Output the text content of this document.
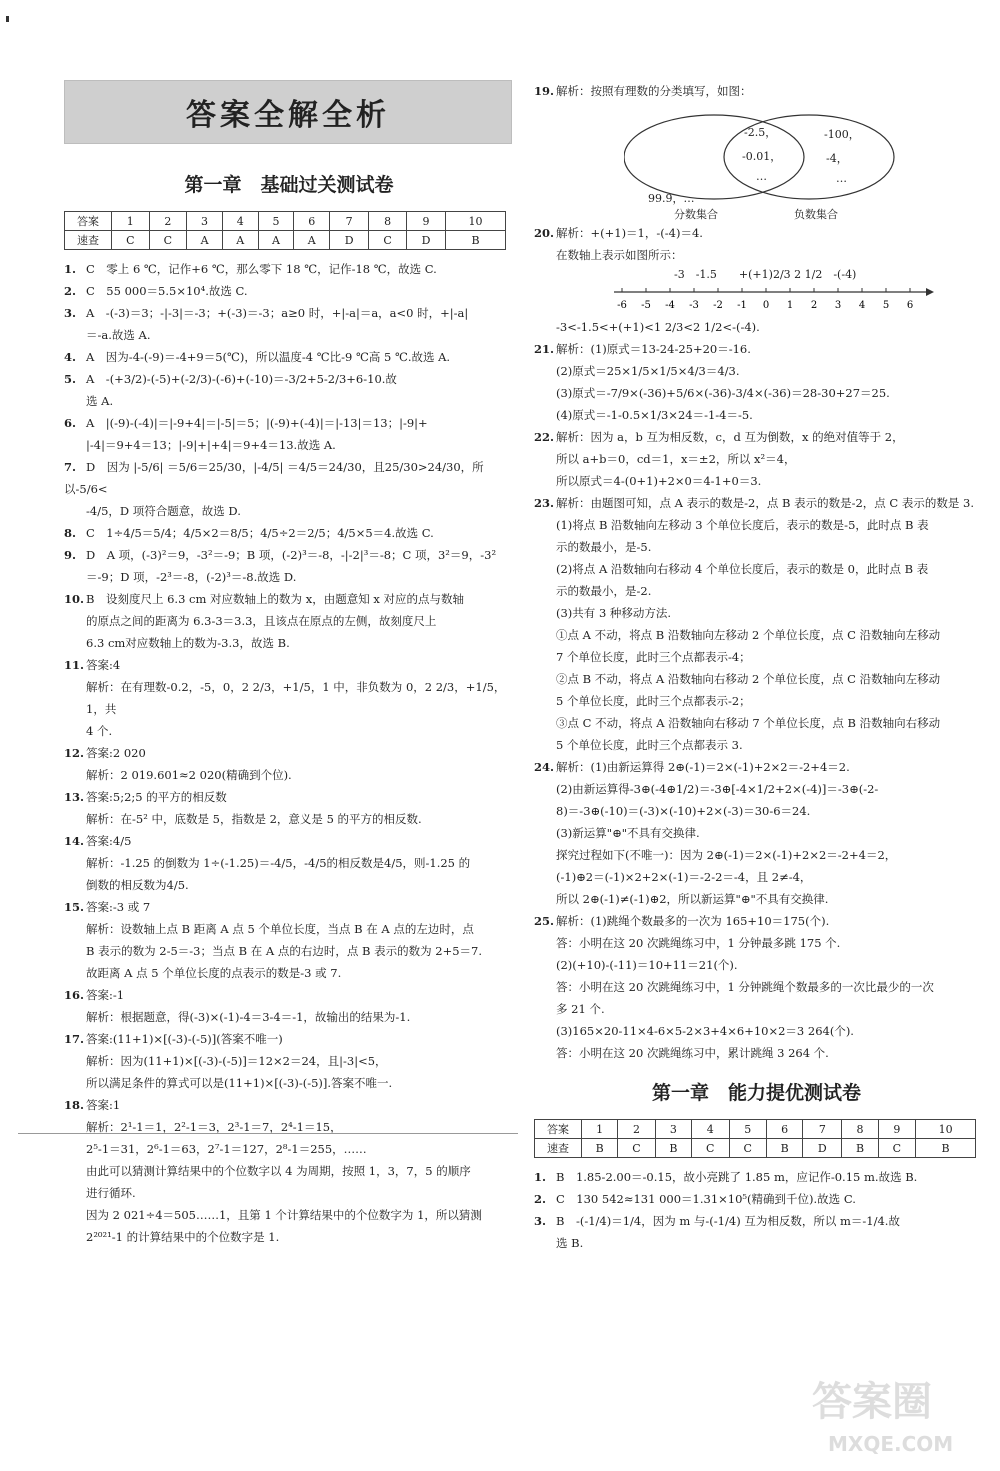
答案全解全析
第一章　基础过关测试卷
答案	1	2	3	4	5	6	7	8	9	10
速查	C	C	A	A	A	A	D	C	D	B

1. C　零上 6 ℃，记作+6 ℃，那么零下 18 ℃，记作-18 ℃，故选 C.

2. C　55 000＝5.5×10⁴.故选 C.

3. A　-(-3)＝3；-|-3|＝-3；+(-3)＝-3；a≥0 时，+|-a|＝a，a<0 时，+|-a|

＝-a.故选 A.

4. A　因为-4-(-9)＝-4+9＝5(℃)，所以温度-4 ℃比-9 ℃高 5 ℃.故选 A.

5. A　-(+3/2)-(-5)+(-2/3)-(-6)+(-10)＝-3/2+5-2/3+6-10.故

选 A.

6. A　|(-9)-(-4)|＝|-9+4|＝|-5|＝5；|(-9)+(-4)|＝|-13|＝13；|-9|+

|-4|＝9+4＝13；|-9|+|+4|＝9+4＝13.故选 A.

7. D　因为 |-5/6| ＝5/6＝25/30，|-4/5| ＝4/5＝24/30，且25/30>24/30，所以-5/6<

-4/5，D 项符合题意，故选 D.

8. C　1÷4/5＝5/4；4/5×2＝8/5；4/5÷2＝2/5；4/5×5＝4.故选 C.

9. D　A 项，(-3)²＝9，-3²＝-9；B 项，(-2)³＝-8，-|-2|³＝-8；C 项，3²＝9，-3²

＝-9；D 项，-2³＝-8，(-2)³＝-8.故选 D.

10. B　设刻度尺上 6.3 cm 对应数轴上的数为 x，由题意知 x 对应的点与数轴

的原点之间的距离为 6.3-3＝3.3，且该点在原点的左侧，故刻度尺上

6.3 cm对应数轴上的数为-3.3，故选 B.

11. 答案:4

解析：在有理数-0.2，-5，0，2 2/3，+1/5，1 中，非负数为 0，2 2/3，+1/5，1，共

4 个.

12. 答案:2 020

解析：2 019.601≈2 020(精确到个位).

13. 答案:5;2;5 的平方的相反数

解析：在-5² 中，底数是 5，指数是 2，意义是 5 的平方的相反数.

14. 答案:4/5

解析：-1.25 的倒数为 1÷(-1.25)＝-4/5，-4/5的相反数是4/5，则-1.25 的

倒数的相反数为4/5.

15. 答案:-3 或 7

解析：设数轴上点 B 距离 A 点 5 个单位长度，当点 B 在 A 点的左边时，点

B 表示的数为 2-5＝-3；当点 B 在 A 点的右边时，点 B 表示的数为 2+5＝7.

故距离 A 点 5 个单位长度的点表示的数是-3 或 7.

16. 答案:-1

解析：根据题意，得(-3)×(-1)-4＝3-4＝-1，故输出的结果为-1.

17. 答案:(11+1)×[(-3)-(-5)](答案不唯一)

解析：因为(11+1)×[(-3)-(-5)]＝12×2＝24，且|-3|<5，

所以满足条件的算式可以是(11+1)×[(-3)-(-5)].答案不唯一.

18. 答案:1

解析：2¹-1＝1，2²-1＝3，2³-1＝7，2⁴-1＝15，

2⁵-1＝31，2⁶-1＝63，2⁷-1＝127，2⁸-1＝255，……

由此可以猜测计算结果中的个位数字以 4 为周期，按照 1，3，7，5 的顺序

进行循环.

因为 2 021÷4＝505……1，且第 1 个计算结果中的个位数字为 1，所以猜测

2²⁰²¹-1 的计算结果中的个位数字是 1.

19. 解析：按照有理数的分类填写，如图：

99.9，…
-2.5，
-0.01，
…
-100，
-4，
…
分数集合	负数集合

20. 解析：+(+1)＝1，-(-4)＝4.

在数轴上表示如图所示：

-3　-1.5　　+(+1)2/3 2 1/2　-(-4)
-6 -5 -4 -3 -2 -1 0 1 2 3 4 5 6

-3<-1.5<+(+1)<1 2/3<2 1/2<-(-4).

21. 解析：(1)原式＝13-24-25+20＝-16.

(2)原式＝25×1/5×1/5×4/3＝4/3.

(3)原式＝-7/9×(-36)+5/6×(-36)-3/4×(-36)＝28-30+27＝25.

(4)原式＝-1-0.5×1/3×24＝-1-4＝-5.

22. 解析：因为 a，b 互为相反数，c，d 互为倒数，x 的绝对值等于 2，

所以 a+b＝0，cd＝1，x＝±2，所以 x²＝4，

所以原式＝4-(0+1)+2×0＝4-1+0＝3.

23. 解析：由题图可知，点 A 表示的数是-2，点 B 表示的数是-2，点 C 表示的数是 3.

(1)将点 B 沿数轴向左移动 3 个单位长度后，表示的数是-5，此时点 B 表

示的数最小，是-5.

(2)将点 A 沿数轴向右移动 4 个单位长度后，表示的数是 0，此时点 B 表

示的数最小，是-2.

(3)共有 3 种移动方法.

①点 A 不动，将点 B 沿数轴向左移动 2 个单位长度，点 C 沿数轴向左移动

7 个单位长度，此时三个点都表示-4；

②点 B 不动，将点 A 沿数轴向右移动 2 个单位长度，点 C 沿数轴向左移动

5 个单位长度，此时三个点都表示-2；

③点 C 不动，将点 A 沿数轴向右移动 7 个单位长度，点 B 沿数轴向右移动

5 个单位长度，此时三个点都表示 3.

24. 解析：(1)由新运算得 2⊕(-1)＝2×(-1)+2×2＝-2+4＝2.

(2)由新运算得-3⊕(-4⊕1/2)＝-3⊕[-4×1/2+2×(-4)]＝-3⊕(-2-

8)＝-3⊕(-10)＝(-3)×(-10)+2×(-3)＝30-6＝24.

(3)新运算"⊕"不具有交换律.

探究过程如下(不唯一)：因为 2⊕(-1)＝2×(-1)+2×2＝-2+4＝2，

(-1)⊕2＝(-1)×2+2×(-1)＝-2-2＝-4，且 2≠-4，

所以 2⊕(-1)≠(-1)⊕2，所以新运算"⊕"不具有交换律.

25. 解析：(1)跳绳个数最多的一次为 165+10＝175(个).

答：小明在这 20 次跳绳练习中，1 分钟最多跳 175 个.

(2)(+10)-(-11)＝10+11＝21(个).

答：小明在这 20 次跳绳练习中，1 分钟跳绳个数最多的一次比最少的一次

多 21 个.

(3)165×20-11×4-6×5-2×3+4×6+10×2＝3 264(个).

答：小明在这 20 次跳绳练习中，累计跳绳 3 264 个.

第一章　能力提优测试卷
答案	1	2	3	4	5	6	7	8	9	10
速查	B	C	B	C	C	B	D	B	C	B

1. B　1.85-2.00＝-0.15，故小亮跳了 1.85 m，应记作-0.15 m.故选 B.

2. C　130 542≈131 000＝1.31×10⁵(精确到千位).故选 C.

3. B　-(-1/4)＝1/4，因为 m 与-(-1/4) 互为相反数，所以 m＝-1/4.故

选 B.

答案圈
MXQE.COM
